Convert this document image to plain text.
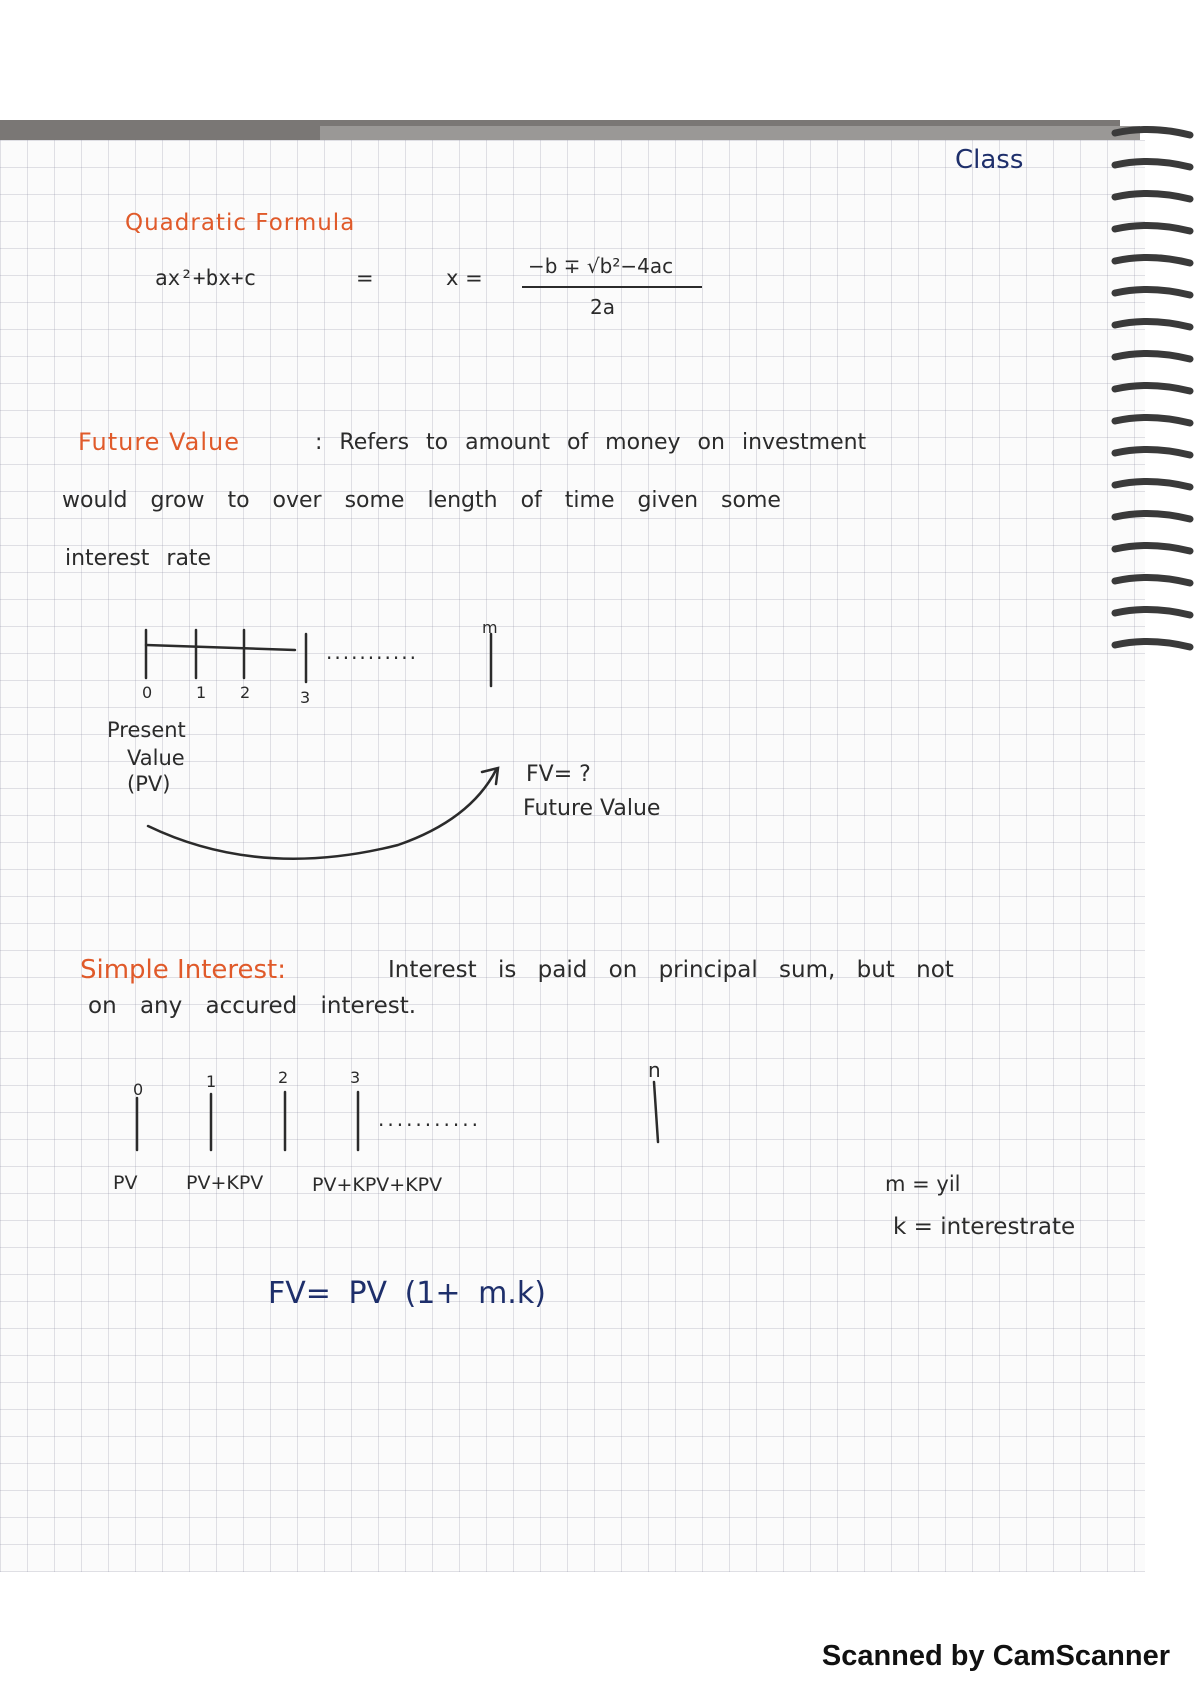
Class
Quadratic Formula
ax²+bx+c	=	x = −b ∓ √b²−4ac
2a
Future Value	: Refers to amount of money on investment
would grow to over some length of time given some
interest rate
0	1 2	3
...........
m
Present
Value
(PV)	FV= ?
Future Value
Simple Interest:	Interest is paid on principal sum, but not
on any accured interest.
0	1	2	3
...........
n
PV	PV+KPV	PV+KPV+KPV	m = yil
k = interestrate
FV= PV (1+ m.k)
Scanned by CamScanner
